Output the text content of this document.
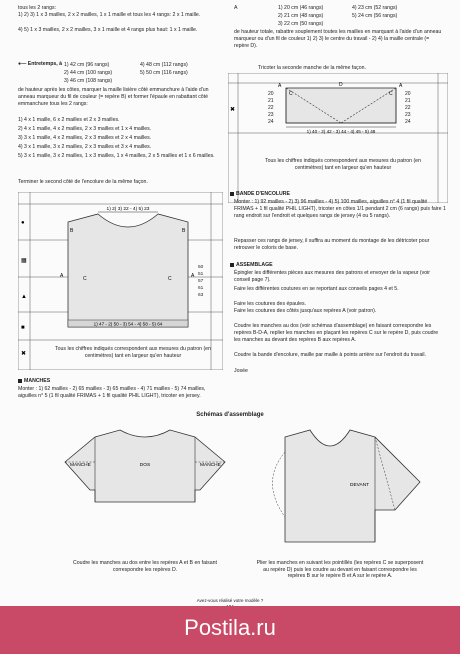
tous les 2 rangs:
1) 2) 3) 1 x 3 mailles, 2 x 2 mailles, 1 x 1 maille et tous les 4 rangs: 2 x 1 maille.
4) 5) 1 x 3 mailles, 2 x 2 mailles, 3 x 1 maille et 4 rangs plus haut: 1 x 1 maille.

●— Entretemps, à 1) 42 cm (96 rangs)	4) 48 cm (112 rangs)
2) 44 cm (100 rangs)	5) 50 cm (116 rangs)
3) 46 cm (108 rangs)
de hauteur après les côtes, marquer la maille lisière côté emmanchure à l'aide d'un anneau marqueur du fil de couleur (= repère B) et former l'épaule en rabattant côté emmanchure tous les 2 rangs:
1) 4 x 1 maille, 6 x 2 mailles et 2 x 3 mailles.
2) 4 x 1 maille, 4 x 2 mailles, 2 x 3 mailles et 1 x 4 mailles.
3) 3 x 1 maille, 4 x 2 mailles, 2 x 3 mailles et 2 x 4 mailles.
4) 3 x 1 maille, 3 x 2 mailles, 2 x 3 mailles et 3 x 4 mailles.
5) 3 x 1 maille, 3 x 2 mailles, 1 x 3 mailles, 1 x 4 mailles, 2 x 5 mailles et 1 x 6 mailles.
Terminer le second côté de l'encolure de la même façon.
A	1) 20 cm (46 rangs)	4) 23 cm (52 rangs)
2) 21 cm (48 rangs)	5) 24 cm (56 rangs)
3) 22 cm (50 rangs)
de hauteur totale, rabattre souplement toutes les mailles en marquant à l'aide d'un anneau marqueur ou d'un fil de couleur 1) 2) 3) le centre du travail - 2) 4) la maille centrale (= repère D).
Tricoter la seconde manche de la même façon.
20
21
22
23
24
20
21
22
23
24
D
A	A
C	C
1) 40 - 2) 42 - 3) 44 - 4) 45 - 5) 48
✖
Tous les chiffres indiqués correspondent aux mesures du patron (en centimètres) tant en largeur qu'en hauteur
1) 2) 3) 22 - 4) 5) 23
B	B
C	C
A	A
50
51
57
61
63
1) 47 - 2) 50 - 3) 54 - 4) 58 - 5) 64
●
▦
▲
■
✖
Tous les chiffres indiqués correspondent aux mesures du patron (en centimètres) tant en largeur qu'en hauteur
BANDE D'ENCOLURE
Monter : 1) 92 mailles - 2) 3) 96 mailles - 4) 5) 100 mailles, aiguilles n° 4 (1 fil qualité FRIMAS + 1 fil qualité PHIL LIGHT), tricoter en côtes 1/1 pendant 2 cm (6 rangs) puis faire 1 rang endroit sur l'endroit et quelques rangs de jersey (4 ou 5 rangs).
Repasser ces rangs de jersey, il suffira au moment du montage de les détricoter pour retrouver le coloris de base.
ASSEMBLAGE
Épingler les différentes pièces aux mesures des patrons et envoyer de la vapeur (voir conseil page 7).
Faire les différentes coutures en se reportant aux conseils pages 4 et 5.
Faire les coutures des épaules.
Faire les coutures des côtés jusqu'aux repères A (voir patron).
Coudre les manches au dos (voir schémas d'assemblage) en faisant correspondre les repères B-D-A, replier les manches en plaçant les repères C sur le repère D, puis coudre les manches au devant des repères B aux repères A.
Coudre la bande d'encolure, maille par maille à points arrière sur l'endroit du travail.
Josée
MANCHES
Monter : 1) 62 mailles - 2) 65 mailles - 3) 65 mailles - 4) 71 mailles - 5) 74 mailles, aiguilles n° 5 (1 fil qualité FRIMAS + 1 fil qualité PHIL LIGHT), tricoter en jersey.
Schémas d'assemblage
MANCHE	DOS	MANCHE
Coudre les manches au dos entre les repères A et B en faisant correspondre les repères D.
DEVANT
Plier les manches en suivant les pointillés (les repères C se superposent au repère D) puis les coudre au devant en faisant correspondre les repères B sur le repère B et A sur le repère A.
Avez-vous réalisé votre modèle ?
Postila.ru
